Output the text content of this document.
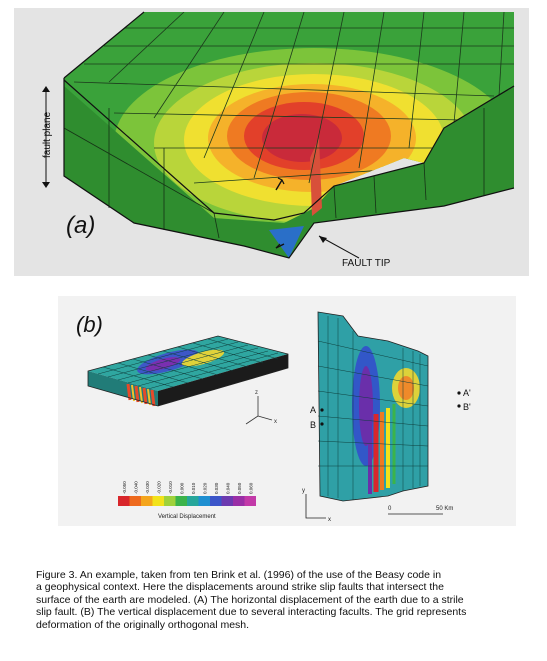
fault plane
(a)
FAULT TIP
(b)
z
x
-0.050 -0.040 -0.030 -0.020 -0.010 0.000 0.010 0.020 0.030 0.040 0.050 0.060
Vertical Displacement
A
B
A'
B'
y
x
0	50 Km
Figure 3. An example, taken from ten Brink et al. (1996) of the use of the Beasy code in
a geophysical context. Here the displacements around strike slip faults that intersect the
surface of the earth are modeled. (A) The horizontal displacement of the earth due to a strile
slip fault. (B) The vertical displacement due to several interacting facults. The grid represents
deformation of the originally orthogonal mesh.
